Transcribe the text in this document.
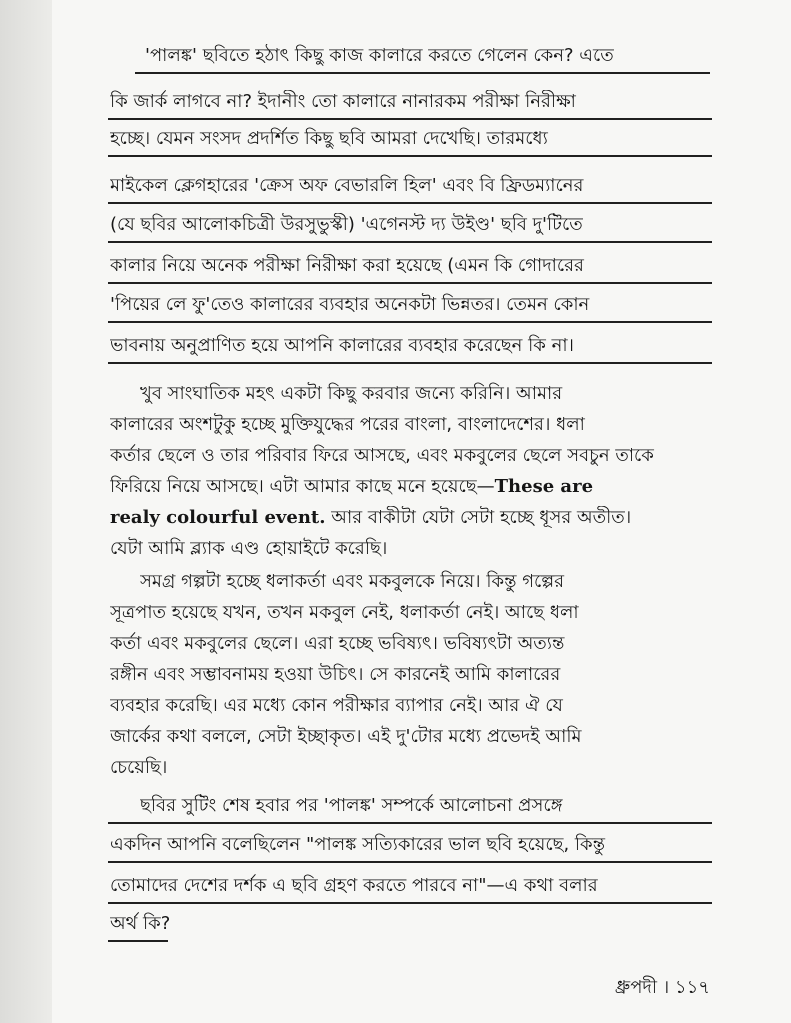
'পালঙ্ক' ছবিতে হঠাৎ কিছু কাজ কালারে করতে গেলেন কেন? এতে
কি জার্ক লাগবে না? ইদানীং তো কালারে নানারকম পরীক্ষা নিরীক্ষা
হচ্ছে। যেমন সংসদ প্রদর্শিত কিছু ছবি আমরা দেখেছি। তারমধ্যে
মাইকেল ক্লেগহারের 'ক্রেস অফ বেভারলি হিল' এবং বি ফ্রিডম্যানের
(যে ছবির আলোকচিত্রী উরসুভুস্কী) 'এগেনস্ট দ্য উইণ্ড' ছবি দু'টিতে
কালার নিয়ে অনেক পরীক্ষা নিরীক্ষা করা হয়েছে (এমন কি গোদারের
'পিয়ের লে ফু'তেও কালারের ব্যবহার অনেকটা ভিন্নতর। তেমন কোন
ভাবনায় অনুপ্রাণিত হয়ে আপনি কালারের ব্যবহার করেছেন কি না।
খুব সাংঘাতিক মহৎ একটা কিছু করবার জন্যে করিনি। আমার
কালারের অংশটুকু হচ্ছে মুক্তিযুদ্ধের পরের বাংলা, বাংলাদেশের। ধলা
কর্তার ছেলে ও তার পরিবার ফিরে আসছে, এবং মকবুলের ছেলে সবচুন তাকে
ফিরিয়ে নিয়ে আসছে। এটা আমার কাছে মনে হয়েছে—These are
realy colourful event. আর বাকীটা যেটা সেটা হচ্ছে ধূসর অতীত।
যেটা আমি ব্ল্যাক এণ্ড হোয়াইটে করেছি।
সমগ্র গল্পটা হচ্ছে ধলাকর্তা এবং মকবুলকে নিয়ে। কিন্তু গল্পের
সূত্রপাত হয়েছে যখন, তখন মকবুল নেই, ধলাকর্তা নেই। আছে ধলা
কর্তা এবং মকবুলের ছেলে। এরা হচ্ছে ভবিষ্যৎ। ভবিষ্যৎটা অত্যন্ত
রঙ্গীন এবং সম্ভাবনাময় হওয়া উচিৎ। সে কারনেই আমি কালারের
ব্যবহার করেছি। এর মধ্যে কোন পরীক্ষার ব্যাপার নেই। আর ঐ যে
জার্কের কথা বললে, সেটা ইচ্ছাকৃত। এই দু'টোর মধ্যে প্রভেদই আমি
চেয়েছি।
ছবির সুটিং শেষ হবার পর 'পালঙ্ক' সম্পর্কে আলোচনা প্রসঙ্গে
একদিন আপনি বলেছিলেন "পালঙ্ক সত্যিকারের ভাল ছবি হয়েছে, কিন্তু
তোমাদের দেশের দর্শক এ ছবি গ্রহণ করতে পারবে না"—এ কথা বলার
অর্থ কি?
ধ্রুপদী । ১১৭
